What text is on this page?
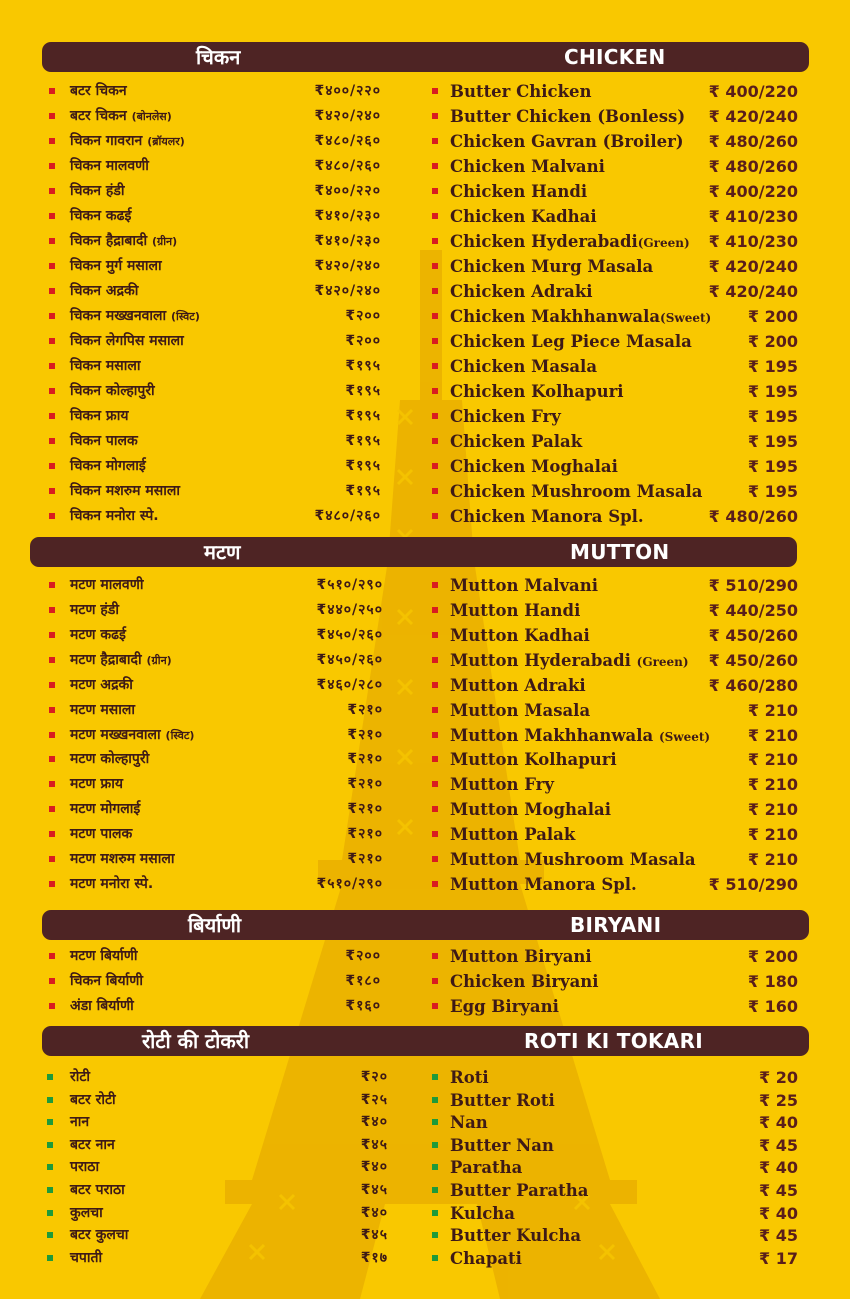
चिकन	CHICKEN
बटर चिकन	₹४००/२२०	Butter Chicken	₹ 400/220
बटर चिकन (बोनलेस)	₹४२०/२४०	Butter Chicken (Bonless) ₹ 420/240
चिकन गावरान (ब्रॉयलर)	₹४८०/२६०	Chicken Gavran (Broiler) ₹ 480/260
चिकन मालवणी	₹४८०/२६०	Chicken Malvani	₹ 480/260
चिकन हंडी	₹४००/२२०	Chicken Handi	₹ 400/220
चिकन कढई	₹४१०/२३०	Chicken Kadhai	₹ 410/230
चिकन हैद्राबादी (ग्रीन)	₹४१०/२३०	Chicken Hyderabadi(Green) ₹ 410/230
चिकन मुर्ग मसाला	₹४२०/२४०	Chicken Murg Masala	₹ 420/240
चिकन अद्रकी	₹४२०/२४०	Chicken Adraki	₹ 420/240
चिकन मख्खनवाला (स्विट)	₹२००	Chicken Makhhanwala(Sweet) ₹ 200
चिकन लेगपिस मसाला	₹२००	Chicken Leg Piece Masala	₹ 200
चिकन मसाला	₹१९५	Chicken Masala	₹ 195
चिकन कोल्हापुरी	₹१९५	Chicken Kolhapuri	₹ 195
चिकन फ्राय	₹१९५	Chicken Fry	₹ 195
चिकन पालक	₹१९५	Chicken Palak	₹ 195
चिकन मोगलाई	₹१९५	Chicken Moghalai	₹ 195
चिकन मशरुम मसाला	₹१९५	Chicken Mushroom Masala	₹ 195
चिकन मनोरा स्पे.	₹४८०/२६०	Chicken Manora Spl.	₹ 480/260
मटण	MUTTON
मटण मालवणी	₹५१०/२९०	Mutton Malvani	₹ 510/290
मटण हंडी	₹४४०/२५०	Mutton Handi	₹ 440/250
मटण कढई	₹४५०/२६०	Mutton Kadhai	₹ 450/260
मटण हैद्राबादी (ग्रीन)	₹४५०/२६०	Mutton Hyderabadi (Green) ₹ 450/260
मटण अद्रकी	₹४६०/२८०	Mutton Adraki	₹ 460/280
मटण मसाला	₹२१०	Mutton Masala	₹ 210
मटण मख्खनवाला (स्विट)	₹२१०	Mutton Makhhanwala (Sweet) ₹ 210
मटण कोल्हापुरी	₹२१०	Mutton Kolhapuri	₹ 210
मटण फ्राय	₹२१०	Mutton Fry	₹ 210
मटण मोगलाई	₹२१०	Mutton Moghalai	₹ 210
मटण पालक	₹२१०	Mutton Palak	₹ 210
मटण मशरुम मसाला	₹२१०	Mutton Mushroom Masala	₹ 210
मटण मनोरा स्पे.	₹५१०/२९०	Mutton Manora Spl.	₹ 510/290
बिर्याणी	BIRYANI
मटण बिर्याणी	₹२००	Mutton Biryani	₹ 200
चिकन बिर्याणी	₹१८०	Chicken Biryani	₹ 180
अंडा बिर्याणी	₹१६०	Egg Biryani	₹ 160
रोटी की टोकरी	ROTI KI TOKARI
रोटी	₹२०	Roti	₹ 20
बटर रोटी	₹२५	Butter Roti	₹ 25
नान	₹४०	Nan	₹ 40
बटर नान	₹४५	Butter Nan	₹ 45
पराठा	₹४०	Paratha	₹ 40
बटर पराठा	₹४५	Butter Paratha	₹ 45
कुलचा	₹४०	Kulcha	₹ 40
बटर कुलचा	₹४५	Butter Kulcha	₹ 45
चपाती	₹१७	Chapati	₹ 17
